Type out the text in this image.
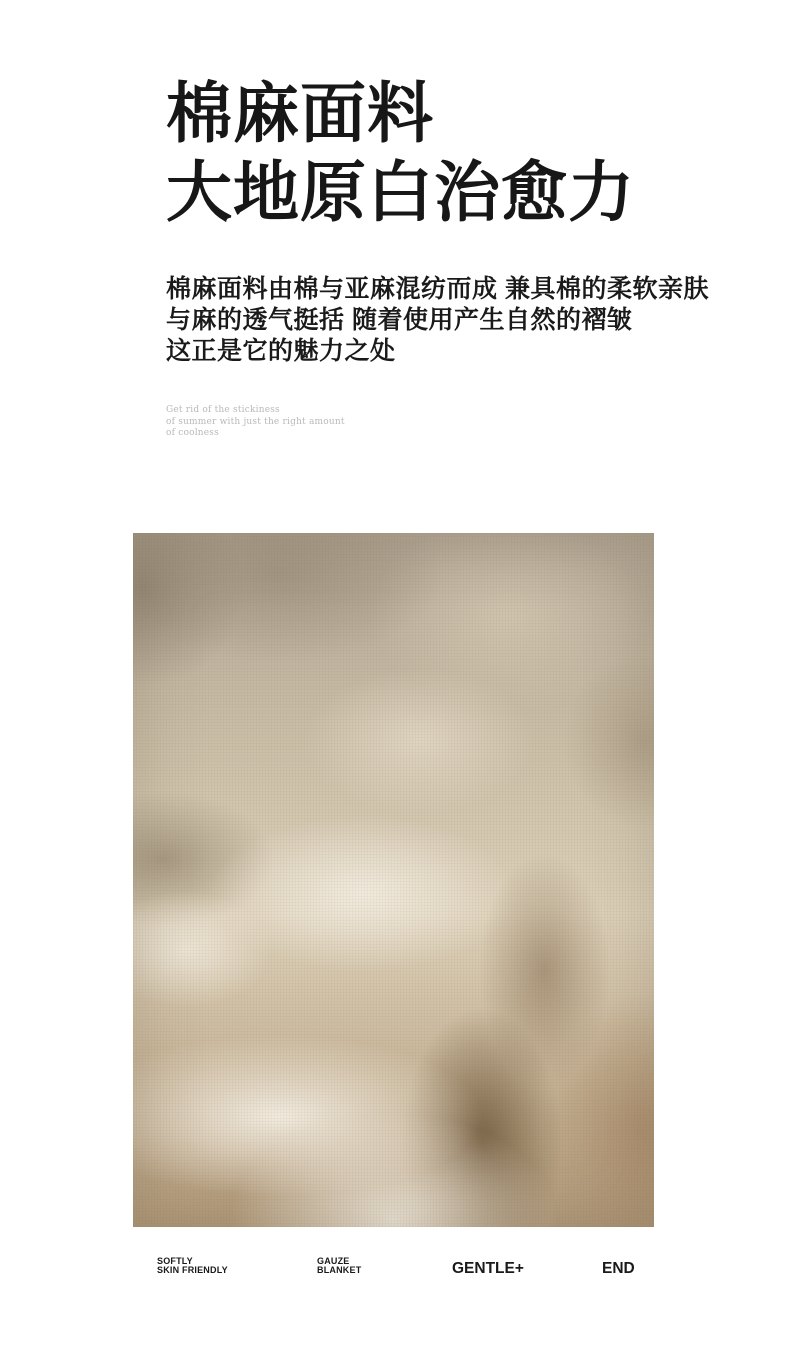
棉麻面料
大地原白治愈力
棉麻面料由棉与亚麻混纺而成 兼具棉的柔软亲肤
与麻的透气挺括 随着使用产生自然的褶皱
这正是它的魅力之处
Get rid of the stickiness
of summer with just the right amount
of coolness
SOFTLY
SKIN FRIENDLY
GAUZE
BLANKET	GENTLE+	END
